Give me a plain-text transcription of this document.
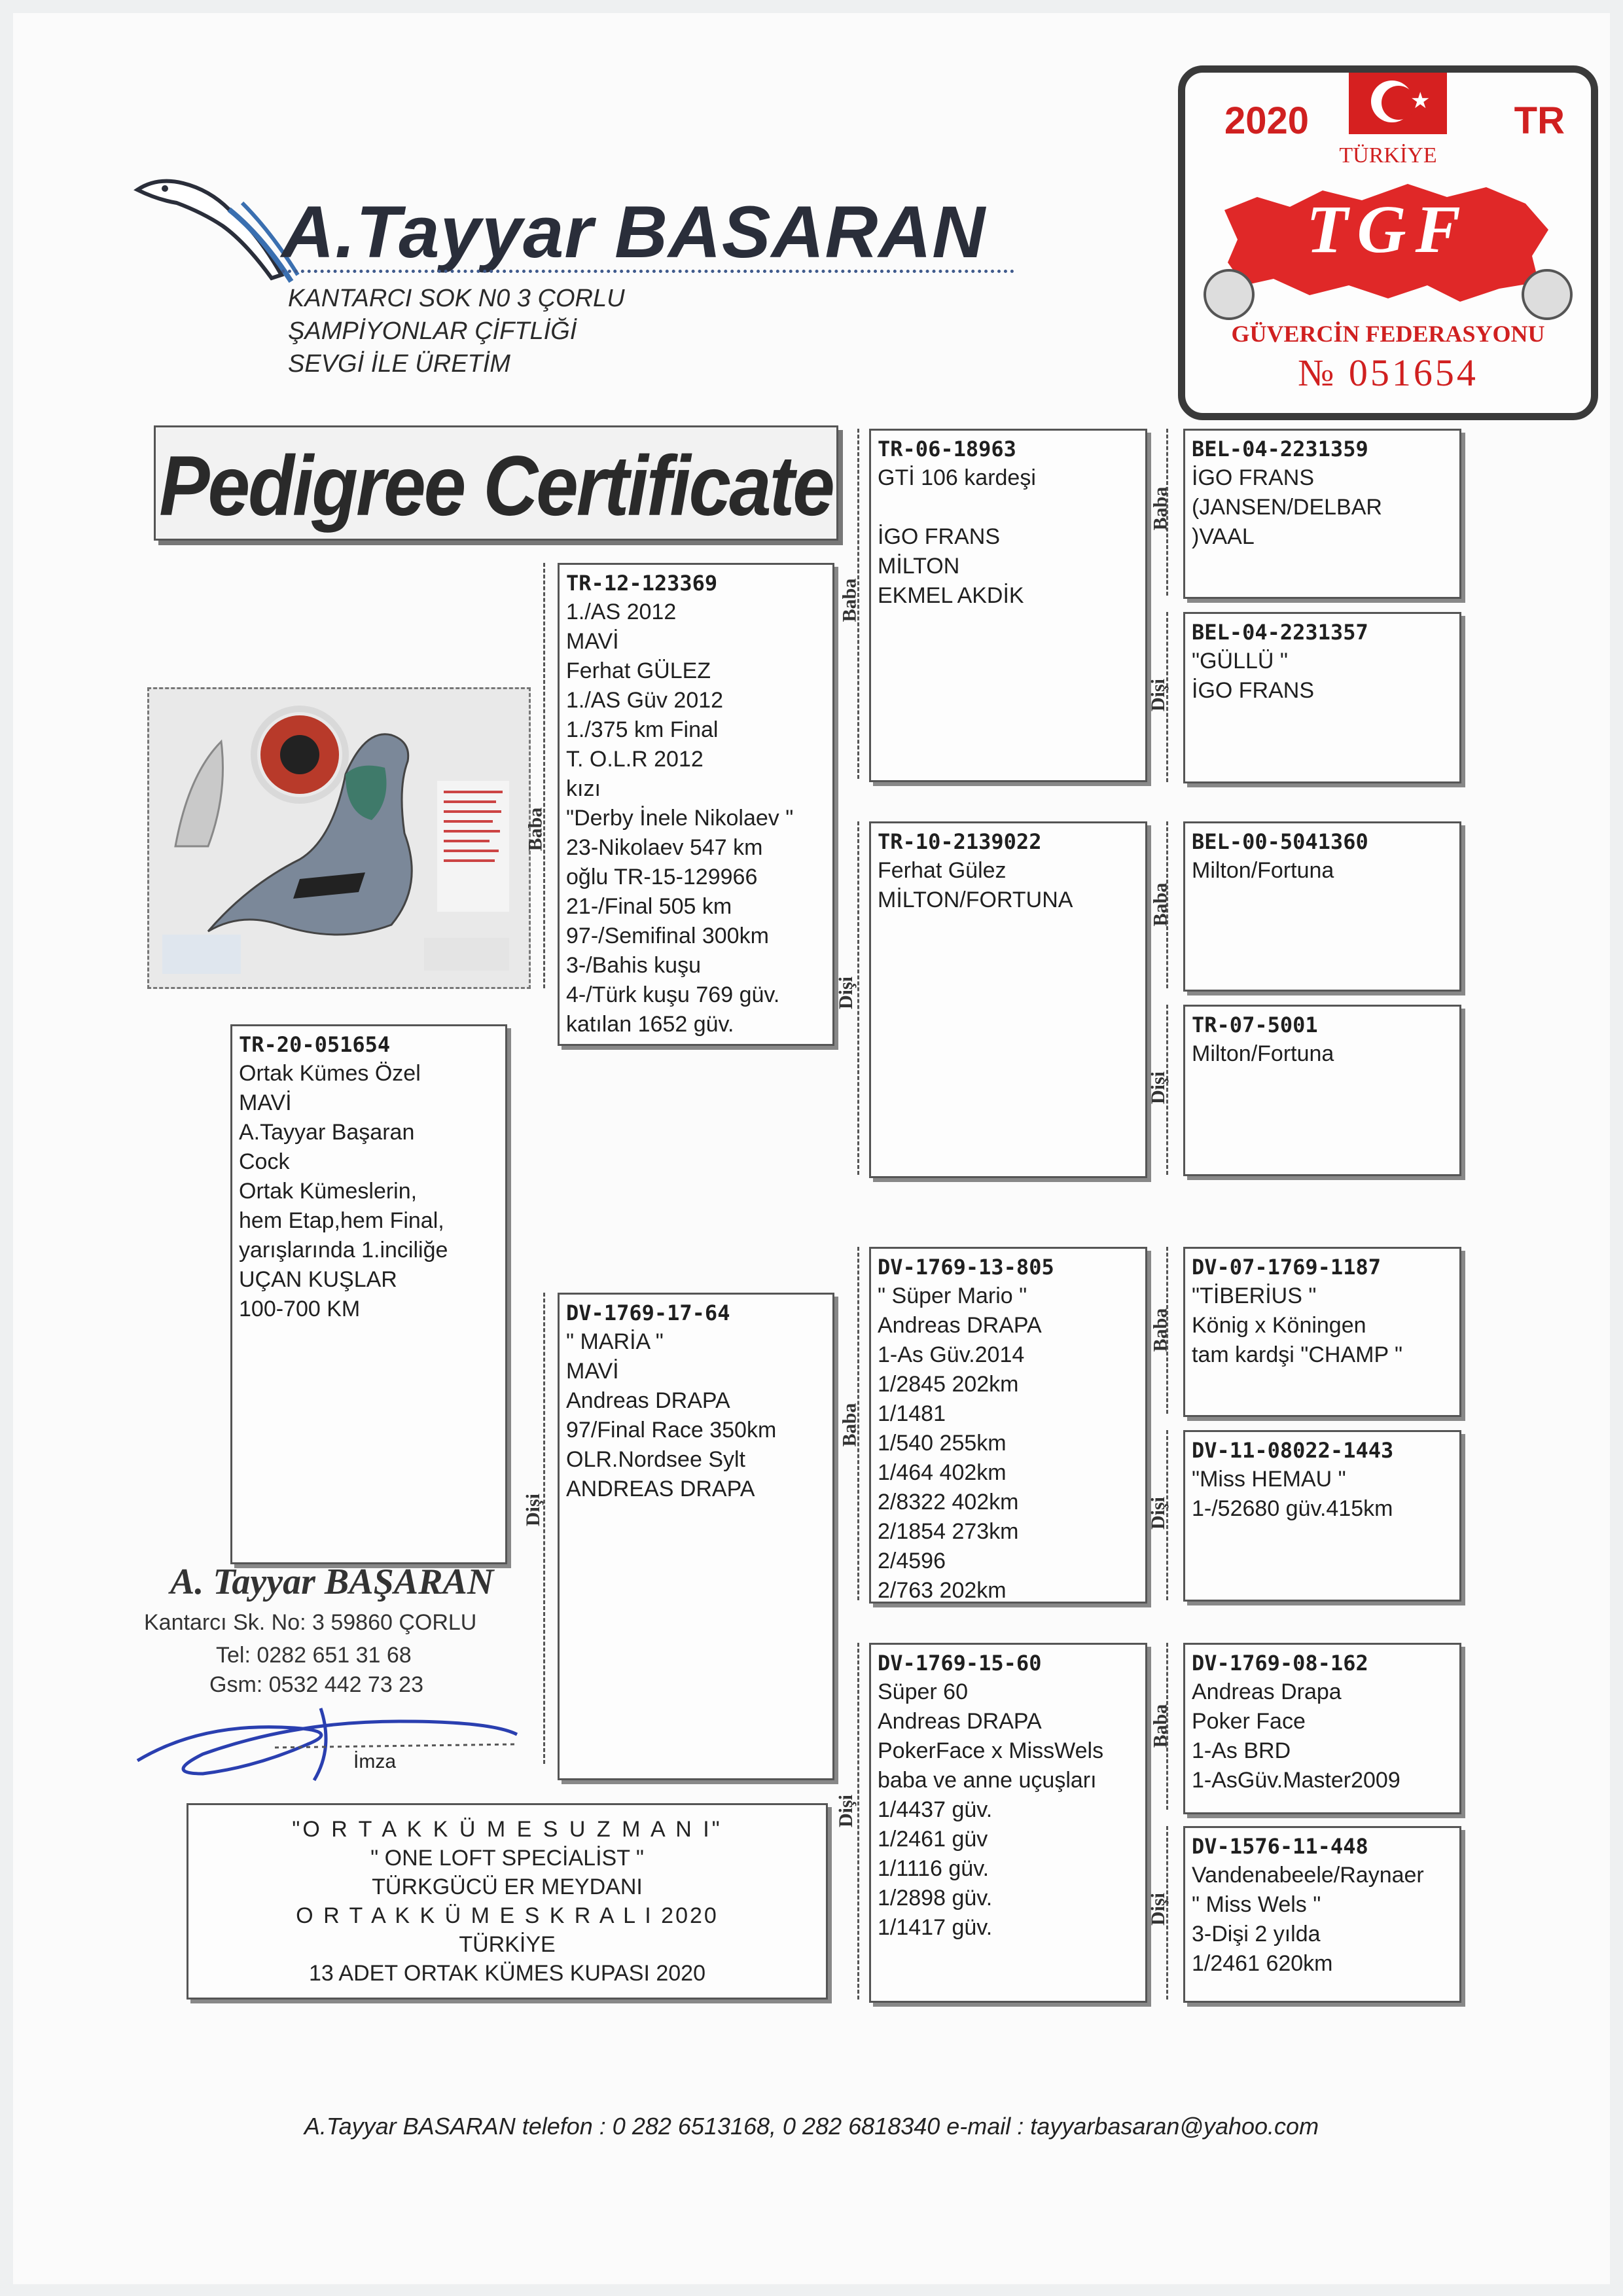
A.Tayyar BASARAN
KANTARCI SOK N0 3 ÇORLU
ŞAMPİYONLAR ÇİFTLİĞİ
SEVGİ İLE ÜRETİM
2020	★ TR
TÜRKİYE
TGF
GÜVERCİN FEDERASYONU
№ 051654
Pedigree Certificate
TR-20-051654
Ortak Kümes Özel
MAVİ
A.Tayyar Başaran
Cock
Ortak Kümeslerin,
hem Etap,hem Final,
yarışlarında 1.inciliğe
UÇAN KUŞLAR
100-700 KM
Baba
TR-12-123369
1./AS 2012
MAVİ
Ferhat GÜLEZ
1./AS Güv 2012
1./375 km Final
T. O.L.R 2012
kızı
"Derby İnele Nikolaev "
23-Nikolaev 547 km
oğlu TR-15-129966
21-/Final 505 km
97-/Semifinal 300km
3-/Bahis kuşu
4-/Türk kuşu 769 güv.
katılan 1652 güv.
Dişi
DV-1769-17-64
" MARİA "
MAVİ
Andreas DRAPA
97/Final Race 350km
OLR.Nordsee Sylt
ANDREAS DRAPA
Baba
TR-06-18963
GTİ 106 kardeşi

İGO FRANS
MİLTON
EKMEL AKDİK
Dişi
TR-10-2139022
Ferhat Gülez
MİLTON/FORTUNA
Baba
DV-1769-13-805
" Süper Mario "
Andreas DRAPA
1-As Güv.2014
1/2845 202km
1/1481
1/540 255km
1/464 402km
2/8322 402km
2/1854 273km
2/4596
2/763 202km
Dişi
DV-1769-15-60
Süper 60
Andreas DRAPA
PokerFace x MissWels
baba ve anne uçuşları
1/4437 güv.
1/2461 güv
1/1116 güv.
1/2898 güv.
1/1417 güv.
Baba
BEL-04-2231359
İGO FRANS
(JANSEN/DELBAR
)VAAL
Dişi
BEL-04-2231357
"GÜLLÜ "
İGO FRANS
Baba
BEL-00-5041360
Milton/Fortuna
Dişi
TR-07-5001
Milton/Fortuna
Baba
DV-07-1769-1187
"TİBERİUS "
König x Köningen
tam kardşi "CHAMP "
Dişi
DV-11-08022-1443
"Miss HEMAU "
1-/52680 güv.415km
Baba
DV-1769-08-162
Andreas Drapa
Poker Face
1-As BRD
1-AsGüv.Master2009
Dişi
DV-1576-11-448
Vandenabeele/Raynaer
" Miss Wels "
3-Dişi 2 yılda
1/2461 620km
A. Tayyar BAŞARAN
Kantarcı Sk. No: 3 59860 ÇORLU
Tel: 0282 651 31 68
Gsm: 0532 442 73 23
İmza
"O R T A K K Ü M E S U Z M A N I"
" ONE LOFT SPECİALİST "
TÜRKGÜCÜ ER MEYDANI
O R T A K K Ü M E S K R A L I 2020
TÜRKİYE
13 ADET ORTAK KÜMES KUPASI 2020
A.Tayyar BASARAN telefon : 0 282 6513168, 0 282 6818340 e-mail : tayyarbasaran@yahoo.com
